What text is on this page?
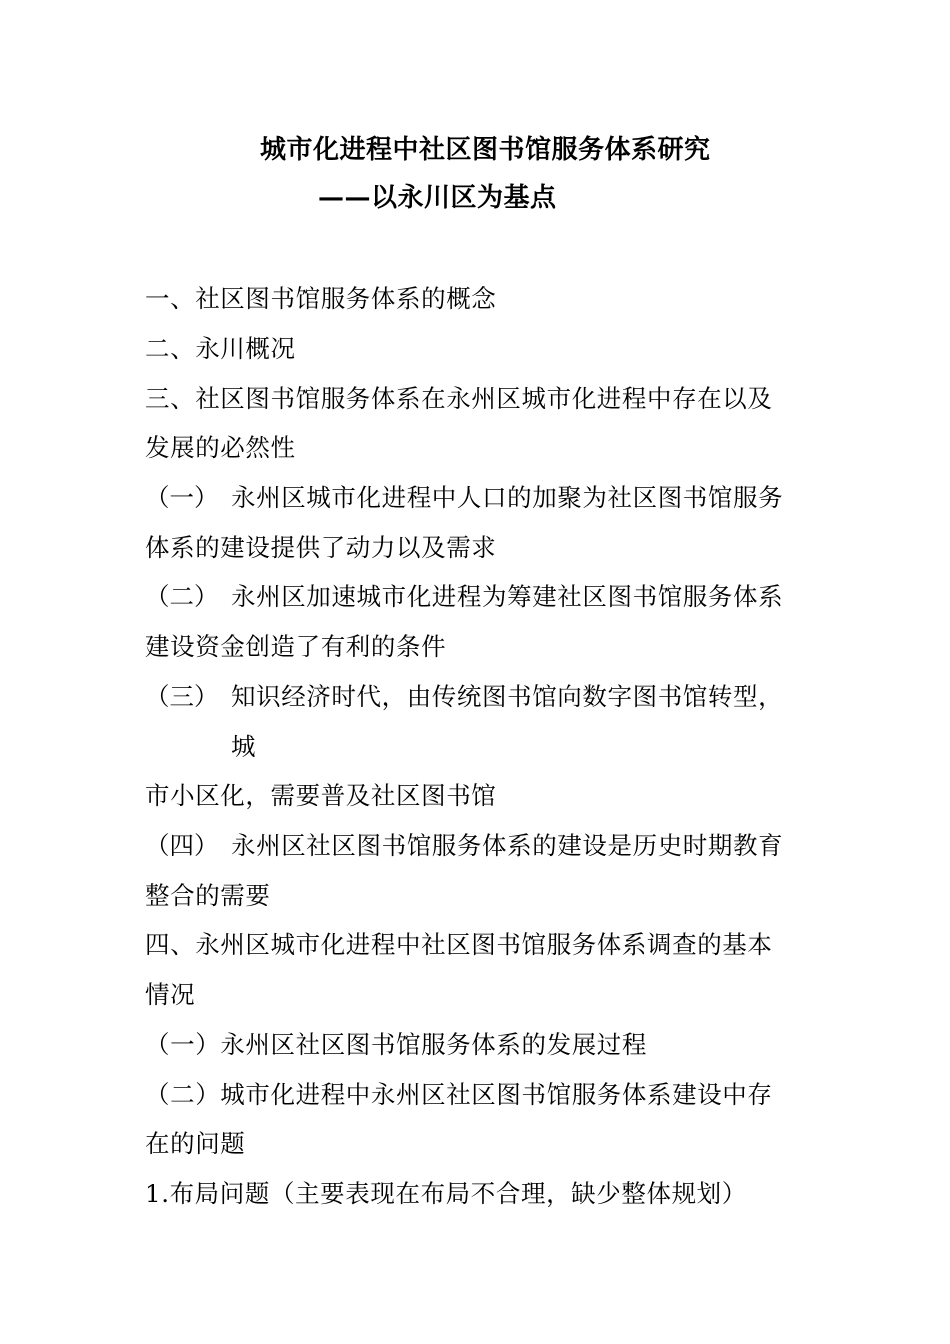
城市化进程中社区图书馆服务体系研究
——以永川区为基点
一、社区图书馆服务体系的概念
二、永川概况
三、社区图书馆服务体系在永州区城市化进程中存在以及
发展的必然性
（一） 永州区城市化进程中人口的加聚为社区图书馆服务
体系的建设提供了动力以及需求
（二） 永州区加速城市化进程为筹建社区图书馆服务体系
建设资金创造了有利的条件
（三） 知识经济时代，由传统图书馆向数字图书馆转型，
城
市小区化，需要普及社区图书馆
（四） 永州区社区图书馆服务体系的建设是历史时期教育
整合的需要
四、永州区城市化进程中社区图书馆服务体系调查的基本
情况
（一）永州区社区图书馆服务体系的发展过程
（二）城市化进程中永州区社区图书馆服务体系建设中存
在的问题
1.布局问题（主要表现在布局不合理，缺少整体规划）
